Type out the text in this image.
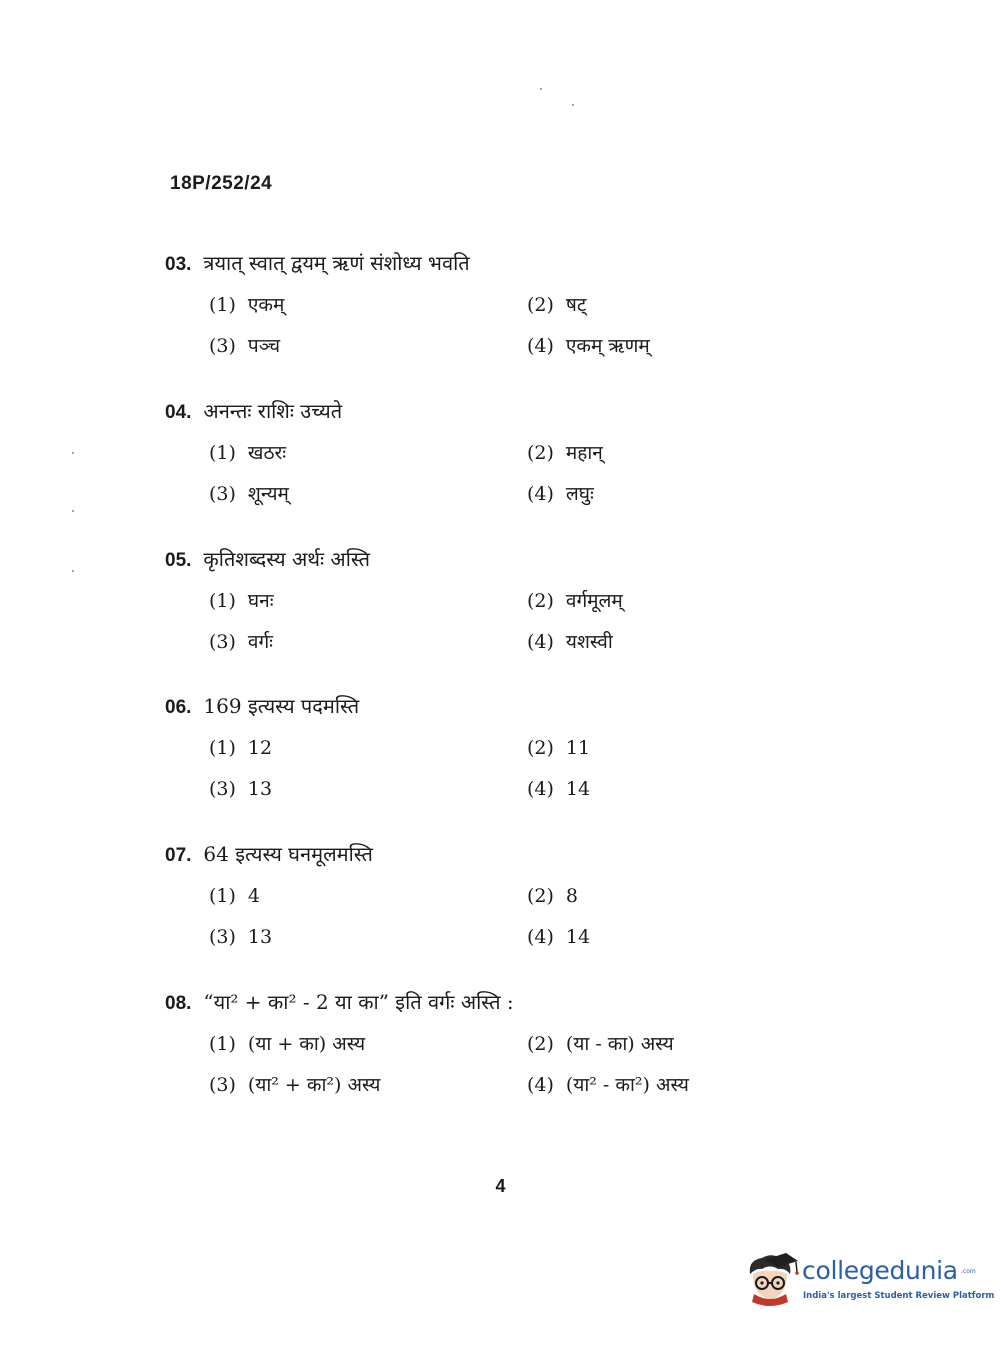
18P/252/24
03. त्रयात् स्वात् द्वयम् ऋणं संशोध्य भवति
(1) एकम्	(2) षट्
(3) पञ्च	(4) एकम् ऋणम्
04. अनन्तः राशिः उच्यते
(1) खठरः	(2) महान्
(3) शून्यम्	(4) लघुः
05. कृतिशब्दस्य अर्थः अस्ति
(1) घनः	(2) वर्गमूलम्
(3) वर्गः	(4) यशस्वी
06. 169 इत्यस्य पदमस्ति
(1) 12	(2) 11
(3) 13	(4) 14
07. 64 इत्यस्य घनमूलमस्ति
(1) 4	(2) 8
(3) 13	(4) 14
08. “या² + का² - 2 या का” इति वर्गः अस्ति :
(1) (या + का) अस्य	(2) (या - का) अस्य
(3) (या² + का²) अस्य	(4) (या² - का²) अस्य
4
collegedunia .com
India's largest Student Review Platform
